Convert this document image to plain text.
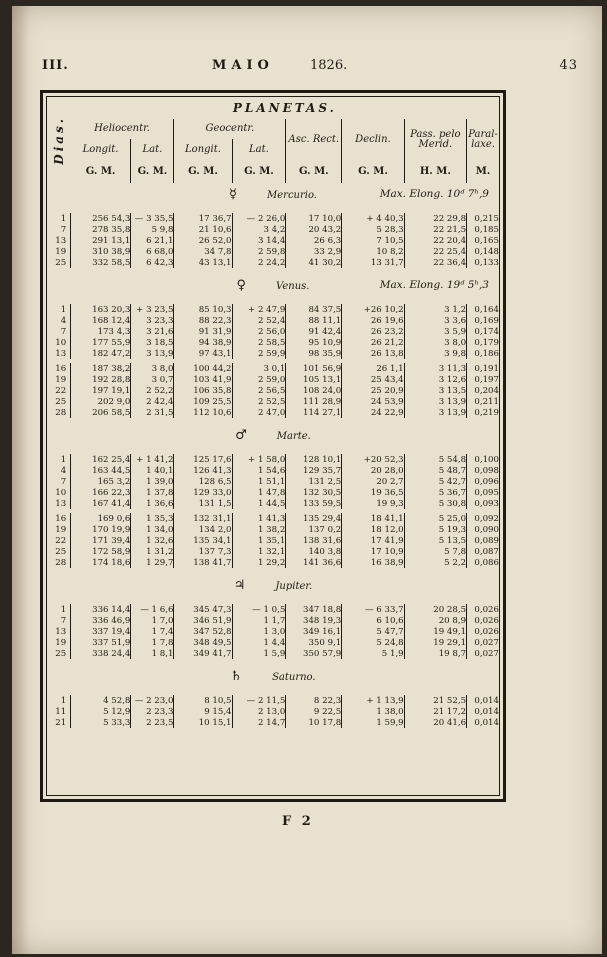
III.	MAIO	1826.	43
Dias.	PLANETAS.							
	Heliocentr.		Geocentr.		Asc. Rect.	Declin.	Pass. pelo Merid.	Paral- laxe.
	Longit.	Lat.	Longit.	Lat.				
	G. M.	G. M.	G. M.	G. M.	G. M.	G. M.	H. M.	M.
☿ Mercurio. Max. Elong. 10ᵈ 7ʰ,9								

1	256 54,3	— 3 35,5	17 36,7	— 2 26,0	17 10,0	+ 4 40,3	22 29,8	0,215
7	278 35,8	5 9,8	21 10,6	3 4,2	20 43,2	5 28,3	22 21,5	0,185
13	291 13,1	6 21,1	26 52,0	3 14,4	26 6,3	7 10,5	22 20,4	0,165
19	310 38,9	6 68,0	34 7,8	2 59,8	33 2,9	10 8,2	22 25,4	0,148
25	332 58,5	6 42,3	43 13,1	2 24,2	41 30,2	13 31,7	22 36,4	0,133

♀ Venus. Max. Elong. 19ᵈ 5ʰ,3								

1	163 20,3	+ 3 23,5	85 10,3	+ 2 47,9	84 37,5	+26 10,2	3 1,2	0,164
4	168 12,4	3 23,3	88 22,3	2 52,4	88 11,1	26 19,6	3 3,6	0,169
7	173 4,3	3 21,6	91 31,9	2 56,0	91 42,4	26 23,2	3 5,9	0,174
10	177 55,9	3 18,5	94 38,9	2 58,5	95 10,9	26 21,2	3 8,0	0,179
13	182 47,2	3 13,9	97 43,1	2 59,9	98 35,9	26 13,8	3 9,8	0,186

16	187 38,2	3 8,0	100 44,2	3 0,1	101 56,9	26 1,1	3 11,3	0,191
19	192 28,8	3 0,7	103 41,9	2 59,0	105 13,1	25 43,4	3 12,6	0,197
22	197 19,1	2 52,2	106 35,8	2 56,5	108 24,0	25 20,9	3 13,5	0,204
25	202 9,0	2 42,4	109 25,5	2 52,5	111 28,9	24 53,9	3 13,9	0,211
28	206 58,5	2 31,5	112 10,6	2 47,0	114 27,1	24 22,9	3 13,9	0,219

♂ Marte.								

1	162 25,4	+ 1 41,2	125 17,6	+ 1 58,0	128 10,1	+20 52,3	5 54,8	0,100
4	163 44,5	1 40,1	126 41,3	1 54,6	129 35,7	20 28,0	5 48,7	0,098
7	165 3,2	1 39,0	128 6,5	1 51,1	131 2,5	20 2,7	5 42,7	0,096
10	166 22,3	1 37,8	129 33,0	1 47,8	132 30,5	19 36,5	5 36,7	0,095
13	167 41,4	1 36,6	131 1,5	1 44,5	133 59,5	19 9,3	5 30,8	0,093

16	169 0,6	1 35,3	132 31,1	1 41,3	135 29,4	18 41,1	5 25,0	0,092
19	170 19,9	1 34,0	134 2,0	1 38,2	137 0,2	18 12,0	5 19,3	0,090
22	171 39,4	1 32,6	135 34,1	1 35,1	138 31,6	17 41,9	5 13,5	0,089
25	172 58,9	1 31,2	137 7,3	1 32,1	140 3,8	17 10,9	5 7,8	0,087
28	174 18,6	1 29,7	138 41,7	1 29,2	141 36,6	16 38,9	5 2,2	0,086

♃ Jupiter.								

1	336 14,4	— 1 6,6	345 47,3	— 1 0,5	347 18,8	— 6 33,7	20 28,5	0,026
7	336 46,9	1 7,0	346 51,9	1 1,7	348 19,3	6 10,6	20 8,9	0,026
13	337 19,4	1 7,4	347 52,8	1 3,0	349 16,1	5 47,7	19 49,1	0,026
19	337 51,9	1 7,8	348 49,5	1 4,4	350 9,1	5 24,8	19 29,1	0,027
25	338 24,4	1 8,1	349 41,7	1 5,9	350 57,9	5 1,9	19 8,7	0,027

♄ Saturno.								

1	4 52,8	— 2 23,0	8 10,5	— 2 11,5	8 22,3	+ 1 13,9	21 52,5	0,014
11	5 12,9	2 23,3	9 15,4	2 13,0	9 22,5	1 38,0	21 17,2	0,014
21	5 33,3	2 23,5	10 15,1	2 14,7	10 17,8	1 59,9	20 41,6	0,014

F 2
